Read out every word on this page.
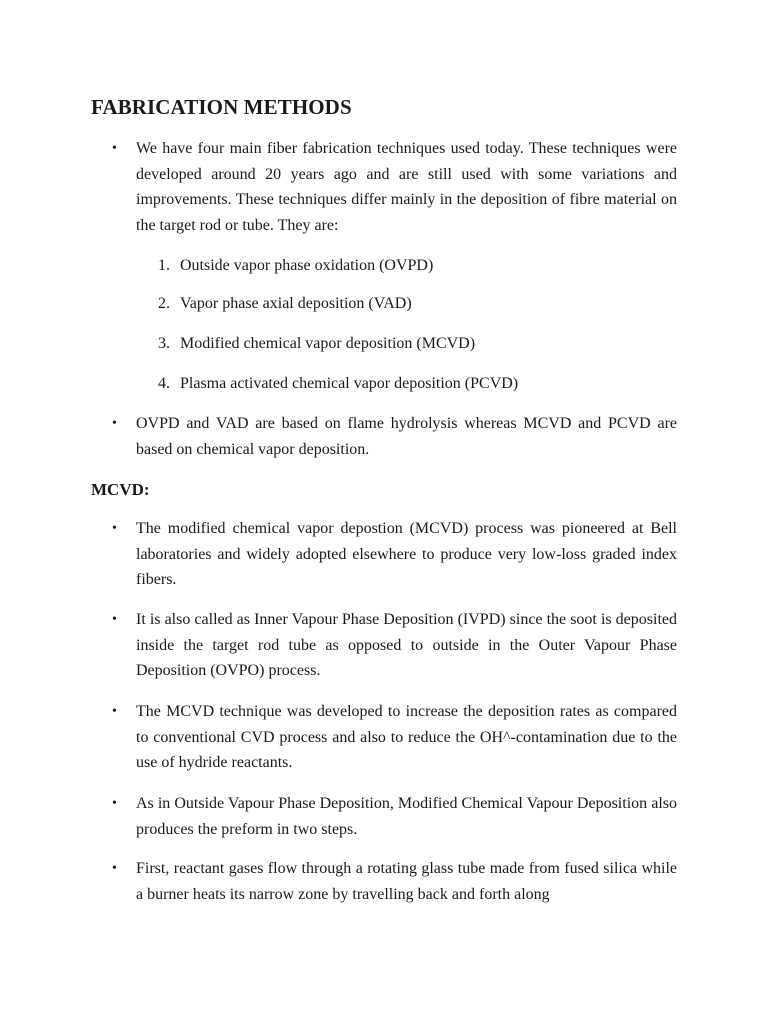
FABRICATION METHODS
• We have four main fiber fabrication techniques used today. These techniques were developed around 20 years ago and are still used with some variations and improvements. These techniques differ mainly in the deposition of fibre material on the target rod or tube. They are:
1. Outside vapor phase oxidation (OVPD)
2. Vapor phase axial deposition (VAD)
3. Modified chemical vapor deposition (MCVD)
4. Plasma activated chemical vapor deposition (PCVD)
• OVPD and VAD are based on flame hydrolysis whereas MCVD and PCVD are based on chemical vapor deposition.
MCVD:
• The modified chemical vapor depostion (MCVD) process was pioneered at Bell laboratories and widely adopted elsewhere to produce very low-loss graded index fibers.
• It is also called as Inner Vapour Phase Deposition (IVPD) since the soot is deposited inside the target rod tube as opposed to outside in the Outer Vapour Phase Deposition (OVPO) process.
• The MCVD technique was developed to increase the deposition rates as compared to conventional CVD process and also to reduce the OH^-contamination due to the use of hydride reactants.
• As in Outside Vapour Phase Deposition, Modified Chemical Vapour Deposition also produces the preform in two steps.
• First, reactant gases flow through a rotating glass tube made from fused silica while a burner heats its narrow zone by travelling back and forth along
